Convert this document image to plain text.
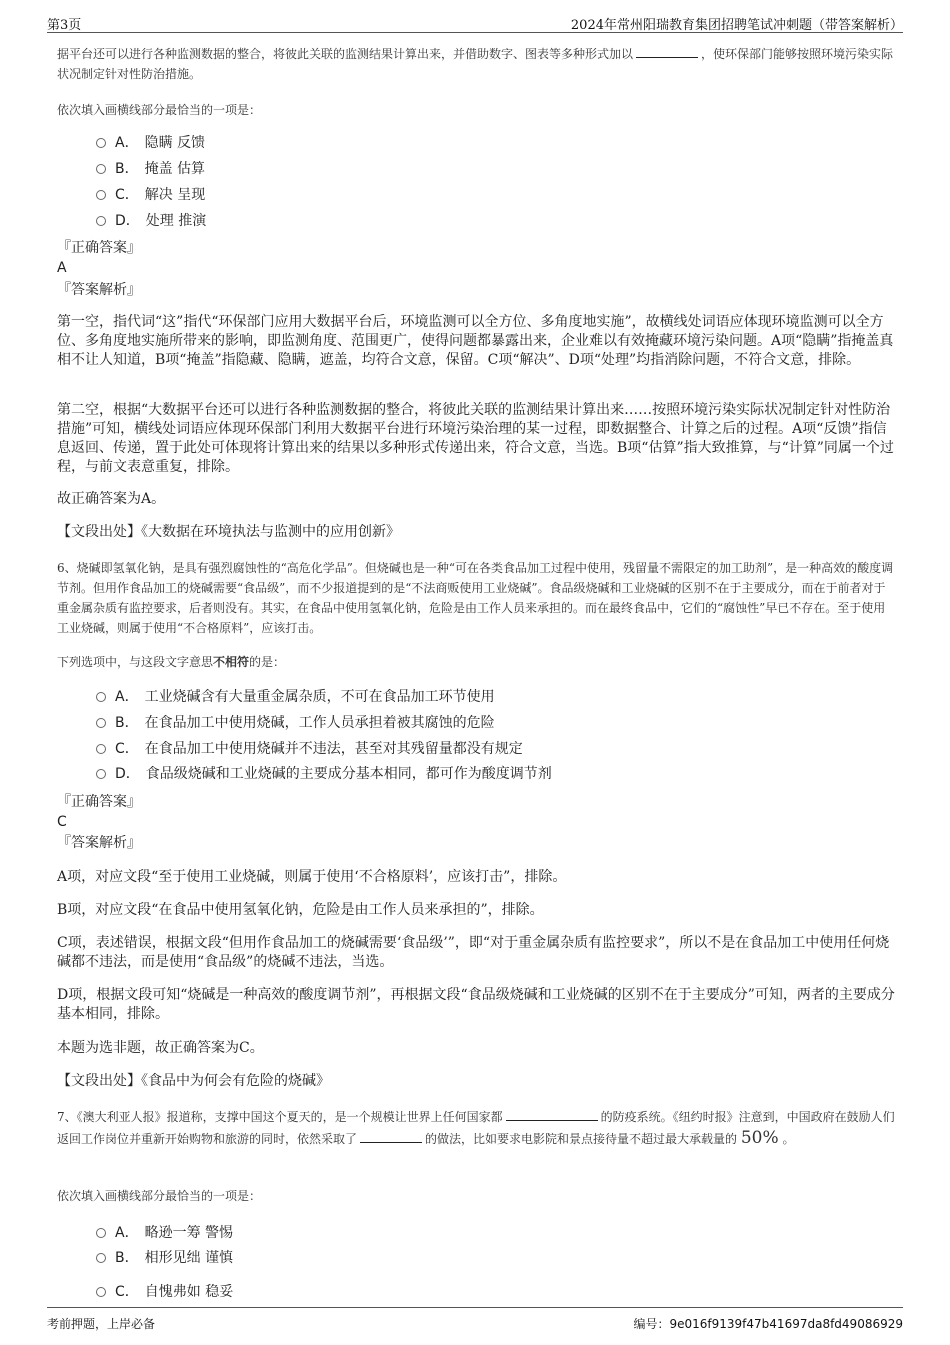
第3页	2024年常州阳瑞教育集团招聘笔试冲刺题（带答案解析）
据平台还可以进行各种监测数据的整合，将彼此关联的监测结果计算出来，并借助数字、图表等多种形式加以	，使环保部门能够按照环境污染实际状况制定针对性防治措施。
依次填入画横线部分最恰当的一项是：
A． 隐瞒 反馈
B． 掩盖 估算
C． 解决 呈现
D． 处理 推演
『正确答案』
A
『答案解析』
第一空，指代词“这”指代“环保部门应用大数据平台后，环境监测可以全方位、多角度地实施”，故横线处词语应体现环境监测可以全方位、多角度地实施所带来的影响，即监测角度、范围更广，使得问题都暴露出来，企业难以有效掩藏环境污染问题。A项“隐瞒”指掩盖真相不让人知道，B项“掩盖”指隐藏、隐瞒，遮盖，均符合文意，保留。C项“解决”、D项“处理”均指消除问题，不符合文意，排除。
第二空，根据“大数据平台还可以进行各种监测数据的整合，将彼此关联的监测结果计算出来……按照环境污染实际状况制定针对性防治措施”可知，横线处词语应体现环保部门利用大数据平台进行环境污染治理的某一过程，即数据整合、计算之后的过程。A项“反馈”指信息返回、传递，置于此处可体现将计算出来的结果以多种形式传递出来，符合文意，当选。B项“估算”指大致推算，与“计算”同属一个过程，与前文表意重复，排除。
故正确答案为A。
【文段出处】《大数据在环境执法与监测中的应用创新》
6、烧碱即氢氧化钠，是具有强烈腐蚀性的“高危化学品”。但烧碱也是一种“可在各类食品加工过程中使用，残留量不需限定的加工助剂”，是一种高效的酸度调节剂。但用作食品加工的烧碱需要“食品级”，而不少报道提到的是“不法商贩使用工业烧碱”。食品级烧碱和工业烧碱的区别不在于主要成分，而在于前者对于重金属杂质有监控要求，后者则没有。其实，在食品中使用氢氧化钠，危险是由工作人员来承担的。而在最终食品中，它们的“腐蚀性”早已不存在。至于使用工业烧碱，则属于使用“不合格原料”，应该打击。
下列选项中，与这段文字意思不相符的是：
A． 工业烧碱含有大量重金属杂质，不可在食品加工环节使用
B． 在食品加工中使用烧碱，工作人员承担着被其腐蚀的危险
C． 在食品加工中使用烧碱并不违法，甚至对其残留量都没有规定
D． 食品级烧碱和工业烧碱的主要成分基本相同，都可作为酸度调节剂
『正确答案』
C
『答案解析』
A项，对应文段“至于使用工业烧碱，则属于使用‘不合格原料’，应该打击”，排除。
B项，对应文段“在食品中使用氢氧化钠，危险是由工作人员来承担的”，排除。
C项，表述错误，根据文段“但用作食品加工的烧碱需要‘食品级’”，即“对于重金属杂质有监控要求”，所以不是在食品加工中使用任何烧碱都不违法，而是使用“食品级”的烧碱不违法，当选。
D项，根据文段可知“烧碱是一种高效的酸度调节剂”，再根据文段“食品级烧碱和工业烧碱的区别不在于主要成分”可知，两者的主要成分基本相同，排除。
本题为选非题，故正确答案为C。
【文段出处】《食品中为何会有危险的烧碱》
7、《澳大利亚人报》报道称，支撑中国这个夏天的，是一个规模让世界上任何国家都	的防疫系统。《纽约时报》注意到，中国政府在鼓励人们返回工作岗位并重新开始购物和旅游的同时，依然采取了	的做法，比如要求电影院和景点接待量不超过最大承载量的 50% 。
依次填入画横线部分最恰当的一项是：
A． 略逊一筹 警惕
B． 相形见绌 谨慎
C． 自愧弗如 稳妥
考前押题，上岸必备	编号：9e016f9139f47b41697da8fd49086929
